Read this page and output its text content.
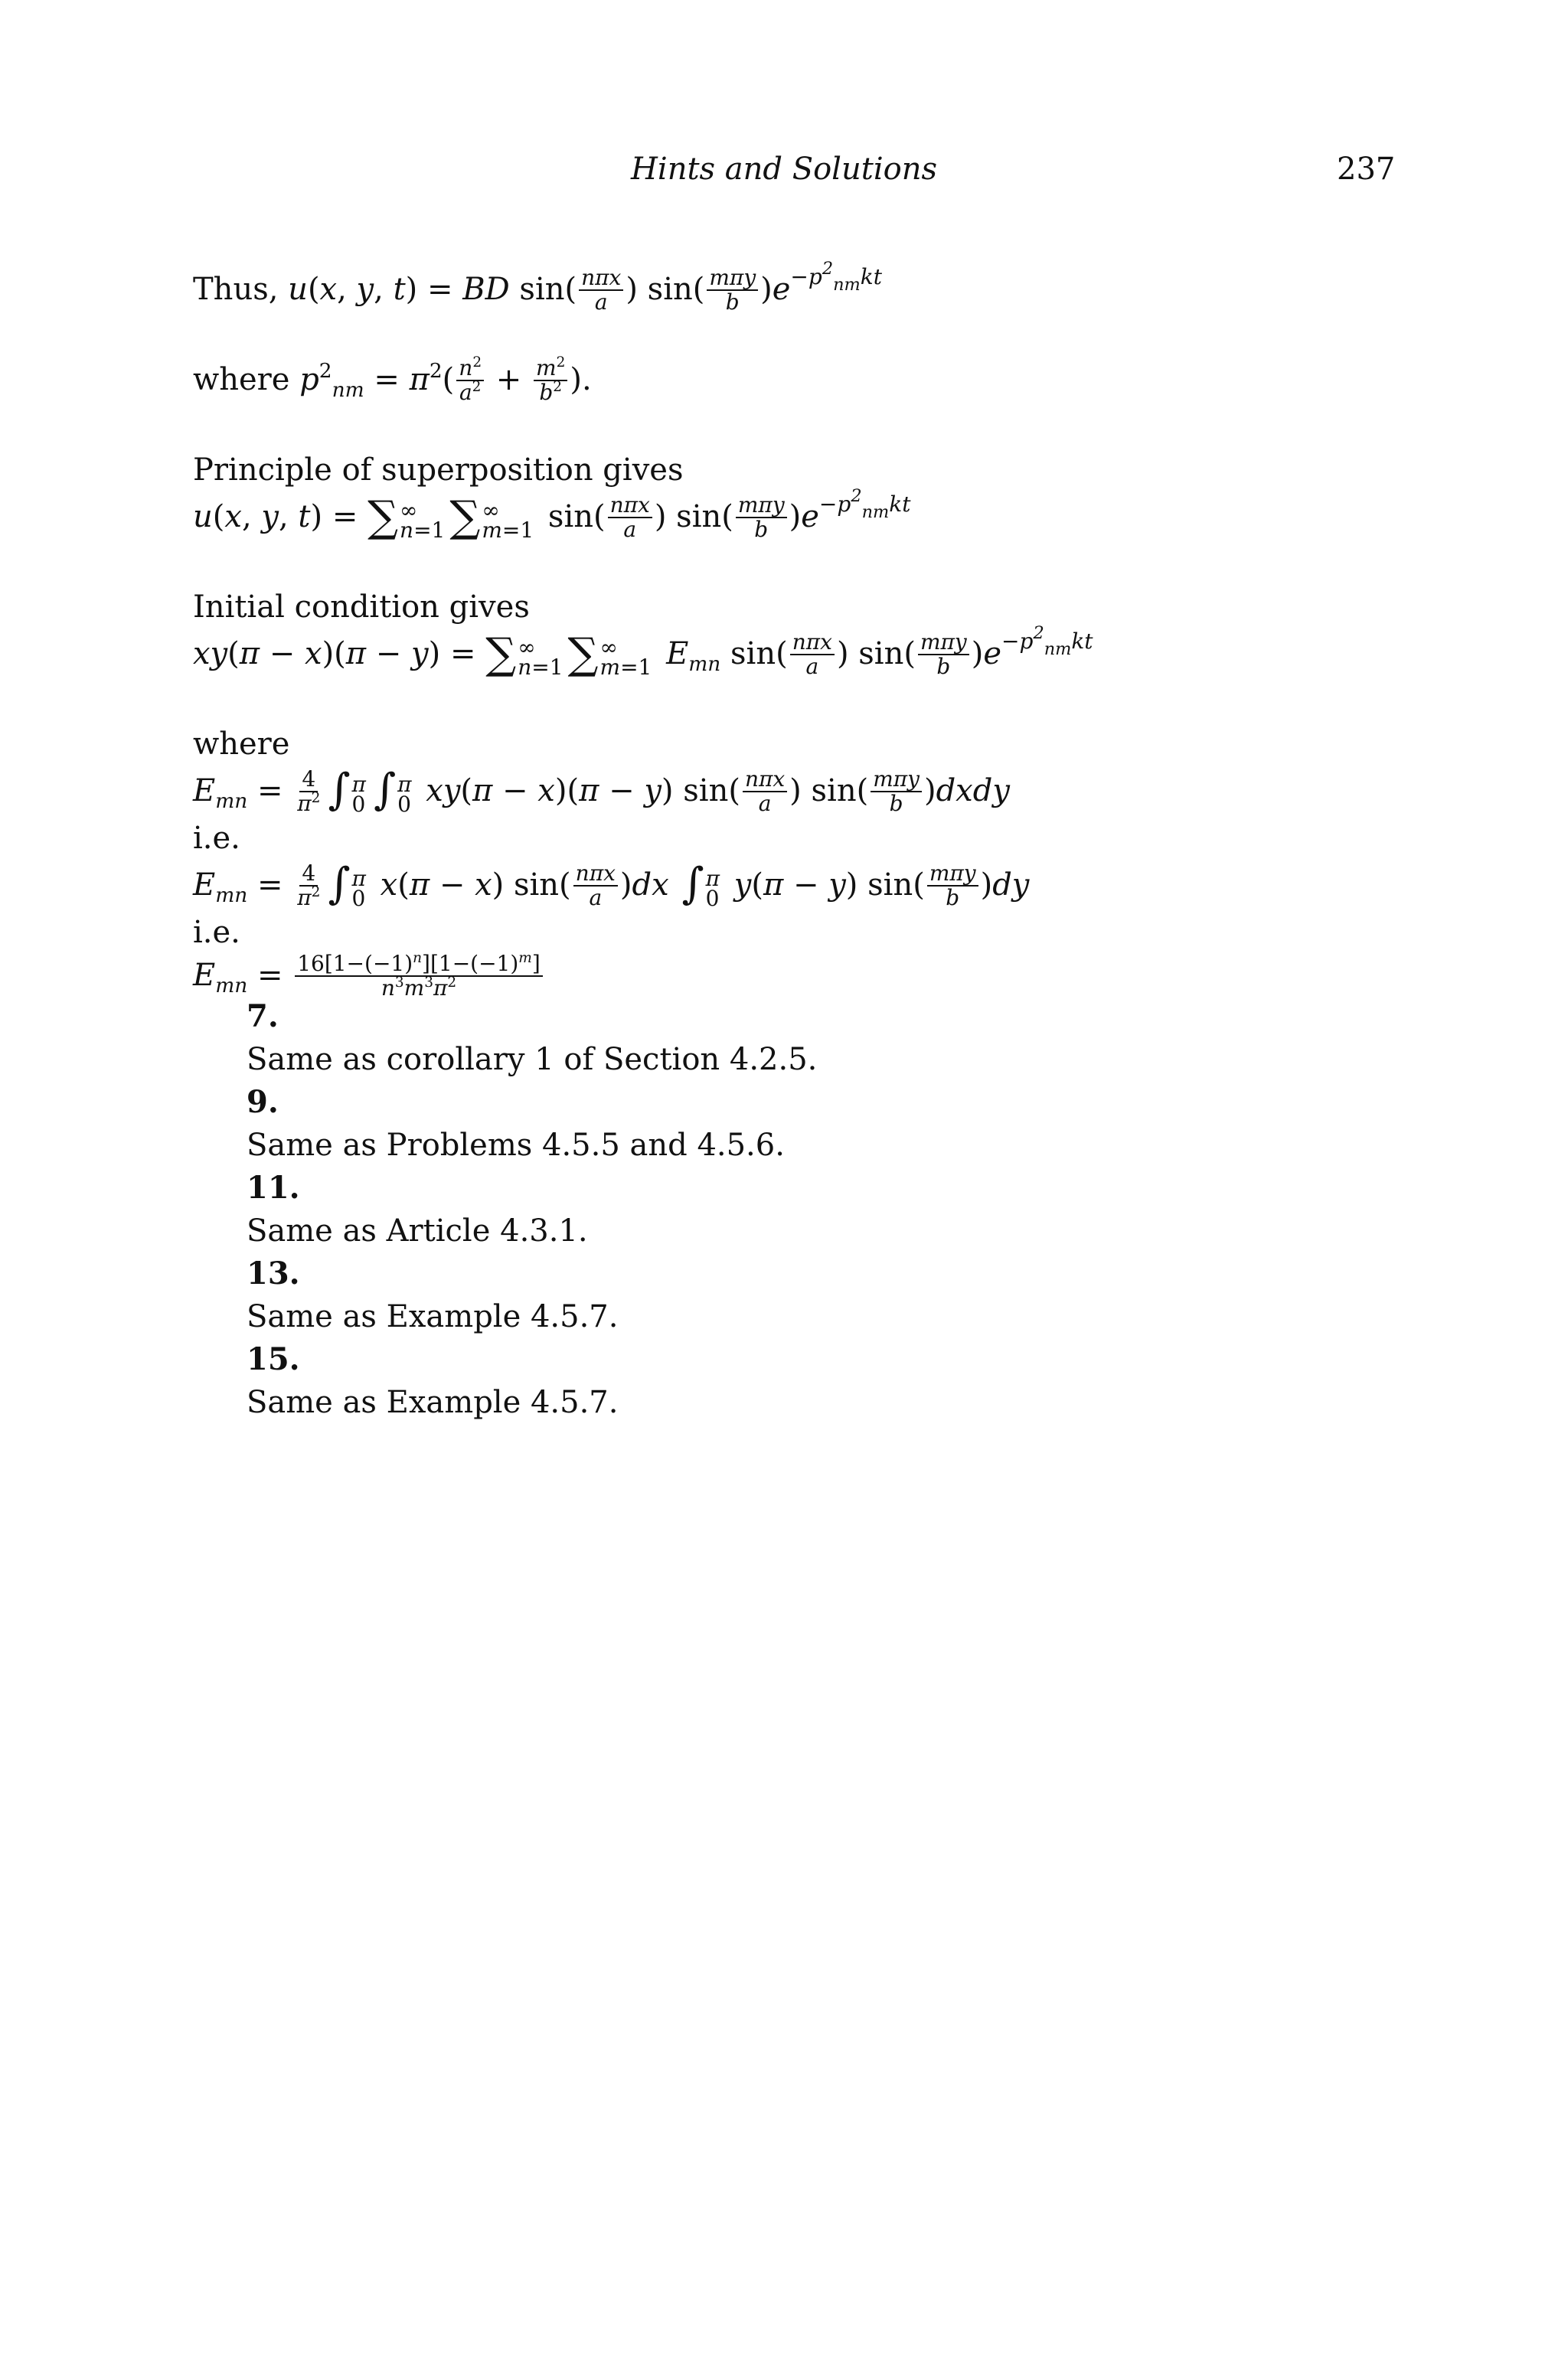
Hints and Solutions	237
Thus, u(x, y, t) = BD sin( nπx
a ) sin( mπy
b )$e^{-p^2_{nm}kt}$
where $p^2_{nm} = \pi^2( \frac{n^2}{a^2} + \frac{m^2}{b^2}$ ).
Principle of superposition gives
u(x, y, t) = ∑ ∞
n=1 ∑ ∞
m=1 sin( nπx
a ) sin( mπy
b )$e^{-p^2_{nm}kt}$
Initial condition gives
xy(π − x)(π − y) = ∑ ∞
n=1 ∑ ∞
m=1 $E_{mn}$ sin( nπx
a ) sin( mπy
b )$e^{-p^2_{nm}kt}$
where
$E_{mn} = \frac{4}{\pi^2}$ ∫ π
0 ∫ π
0 xy(π − x)(π − y) sin( nπx
a ) sin( mπy
b )dxdy
i.e.
$E_{mn} = \frac{4}{\pi^2}$ ∫ π
0 x(π − x) sin( nπx
a )dx ∫ π
0 y(π − y) sin( mπy
b )dy
i.e.
$E_{mn} = \frac{16[1-(-1)^n][1-(-1)^m]}{n^3m^3\pi^2}$
7.
Same as corollary 1 of Section 4.2.5.
9.
Same as Problems 4.5.5 and 4.5.6.
11.
Same as Article 4.3.1.
13.
Same as Example 4.5.7.
15.
Same as Example 4.5.7.
